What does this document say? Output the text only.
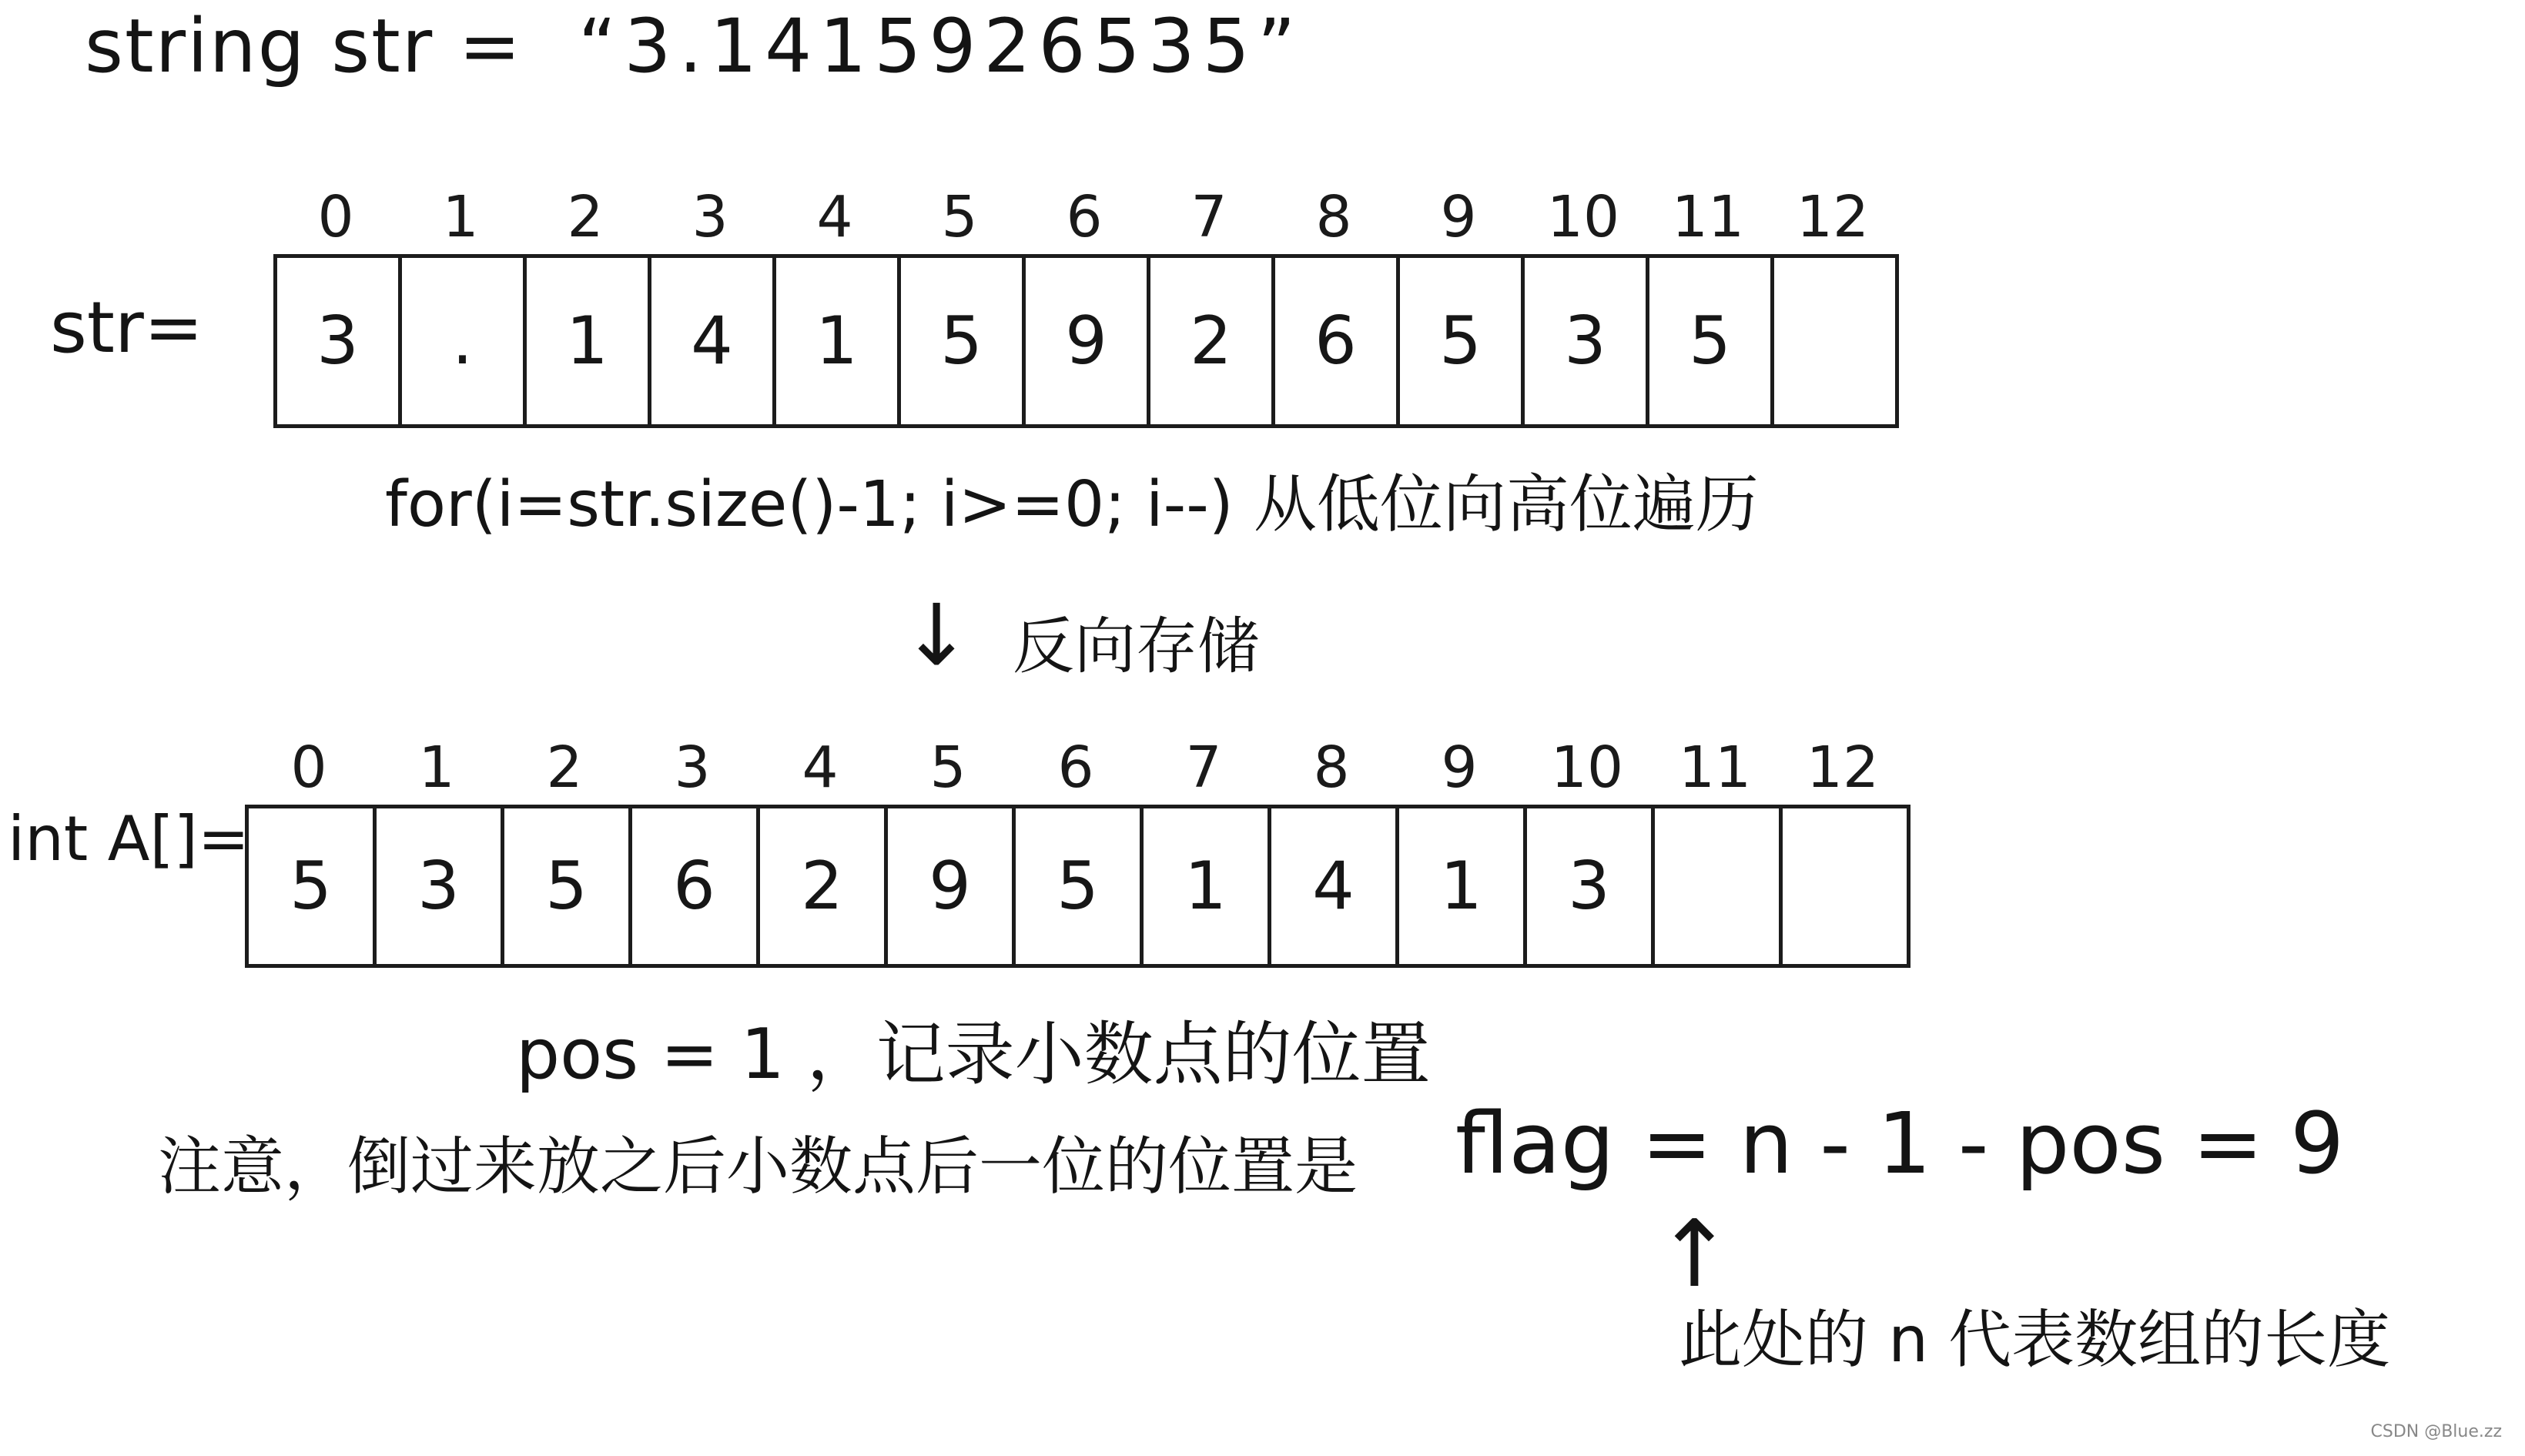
string str = “3.1415926535”
str=
0	1	2	3	4	5	6	7	8	9	10 11 12
3	.	1	4	1	5	9	2	6	5	3	5
for(i=str.size()-1; i>=0; i--) 从低位向高位遍历
↓ 反向存储
int A[]=
0	1	2	3	4	5	6	7	8	9	10 11 12
5	3	5	6	2	9	5	1	4	1	3
pos = 1 ，记录小数点的位置
注意，倒过来放之后小数点后一位的位置是 flag = n - 1 - pos = 9
↑
此处的 n 代表数组的长度
CSDN @Blue.zz
